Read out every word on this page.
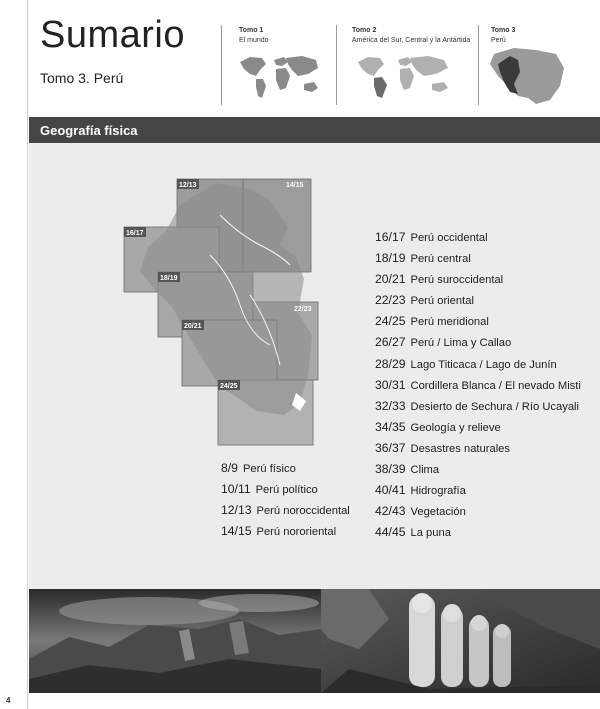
Sumario
Tomo 3. Perú
Tomo 1
El mundo
Tomo 2
América del Sur, Central y la Antártida
Tomo 3
Perú
Geografía física
12/13	14/15
16/17
18/19
22/23
20/21
24/25
16/17 Perú occidental
18/19 Perú central
20/21 Perú suroccidental
22/23 Perú oriental
24/25 Perú meridional
26/27 Perú / Lima y Callao
28/29 Lago Titicaca / Lago de Junín
30/31 Cordillera Blanca / El nevado Misti
32/33 Desierto de Sechura / Río Ucayali
34/35 Geología y relieve
36/37 Desastres naturales
38/39 Clima
40/41 Hidrografía
42/43 Vegetación
44/45 La puna
8/9 Perú físico
10/11 Perú político
12/13 Perú noroccidental
14/15 Perú nororiental
4
